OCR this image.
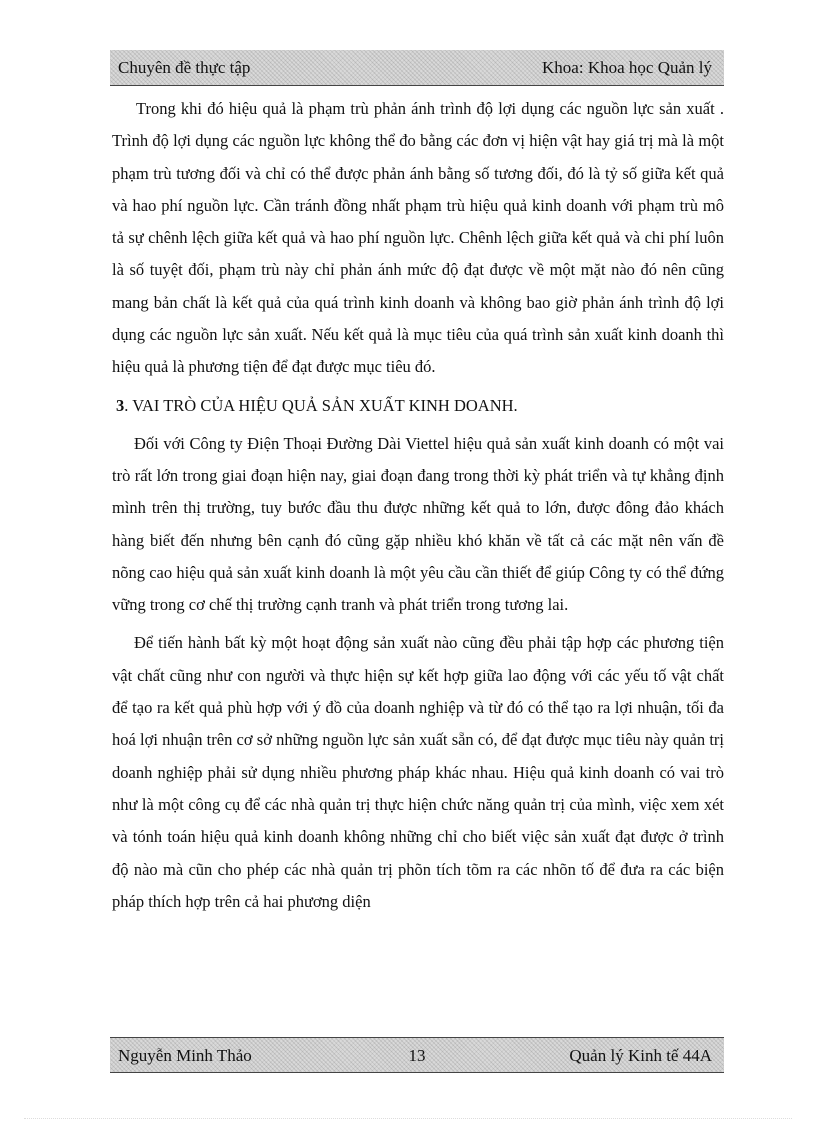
Chuyên đề thực tập	Khoa: Khoa học Quản lý

Trong khi đó hiệu quả là phạm trù phản ánh trình độ lợi dụng các nguồn lực sản xuất . Trình độ lợi dụng các nguồn lực không thể đo bằng các đơn vị hiện vật hay giá trị mà là một phạm trù tương đối và chỉ có thể được phản ánh bằng số tương đối, đó là tỷ số giữa kết quả và hao phí nguồn lực. Cần tránh đồng nhất phạm trù hiệu quả kinh doanh với phạm trù mô tả sự chênh lệch giữa kết quả và hao phí nguồn lực. Chênh lệch giữa kết quả và chi phí luôn là số tuyệt đối, phạm trù này chỉ phản ánh mức độ đạt được về một mặt nào đó nên cũng mang bản chất là kết quả của quá trình kinh doanh và không bao giờ phản ánh trình độ lợi dụng các nguồn lực sản xuất. Nếu kết quả là mục tiêu của quá trình sản xuất kinh doanh thì hiệu quả là phương tiện để đạt được mục tiêu đó.

3. VAI TRÒ CỦA HIỆU QUẢ SẢN XUẤT KINH DOANH.

Đối với Công ty Điện Thoại Đường Dài Viettel hiệu quả sản xuất kinh doanh có một vai trò rất lớn trong giai đoạn hiện nay, giai đoạn đang trong thời kỳ phát triển và tự khẳng định mình trên thị trường, tuy bước đầu thu được những kết quả to lớn, được đông đảo khách hàng biết đến nhưng bên cạnh đó cũng gặp nhiều khó khăn về tất cả các mặt nên vấn đề nõng cao hiệu quả sản xuất kinh doanh là một yêu cầu cần thiết để giúp Công ty có thể đứng vững trong cơ chế thị trường cạnh tranh và phát triển trong tương lai.

Để tiến hành bất kỳ một hoạt động sản xuất nào cũng đều phải tập hợp các phương tiện vật chất cũng như con người và thực hiện sự kết hợp giữa lao động với các yếu tố vật chất để tạo ra kết quả phù hợp với ý đồ của doanh nghiệp và từ đó có thể tạo ra lợi nhuận, tối đa hoá lợi nhuận trên cơ sở những nguồn lực sản xuất sẵn có, để đạt được mục tiêu này quản trị doanh nghiệp phải sử dụng nhiều phương pháp khác nhau. Hiệu quả kinh doanh có vai trò như là một công cụ để các nhà quản trị thực hiện chức năng quản trị của mình, việc xem xét và tónh toán hiệu quả kinh doanh không những chỉ cho biết việc sản xuất đạt được ở trình độ nào mà cũn cho phép các nhà quản trị phõn tích tõm ra các nhõn tố để đưa ra các biện pháp thích hợp trên cả hai phương diện

Nguyễn Minh Thảo	13	Quản lý Kinh tế 44A
